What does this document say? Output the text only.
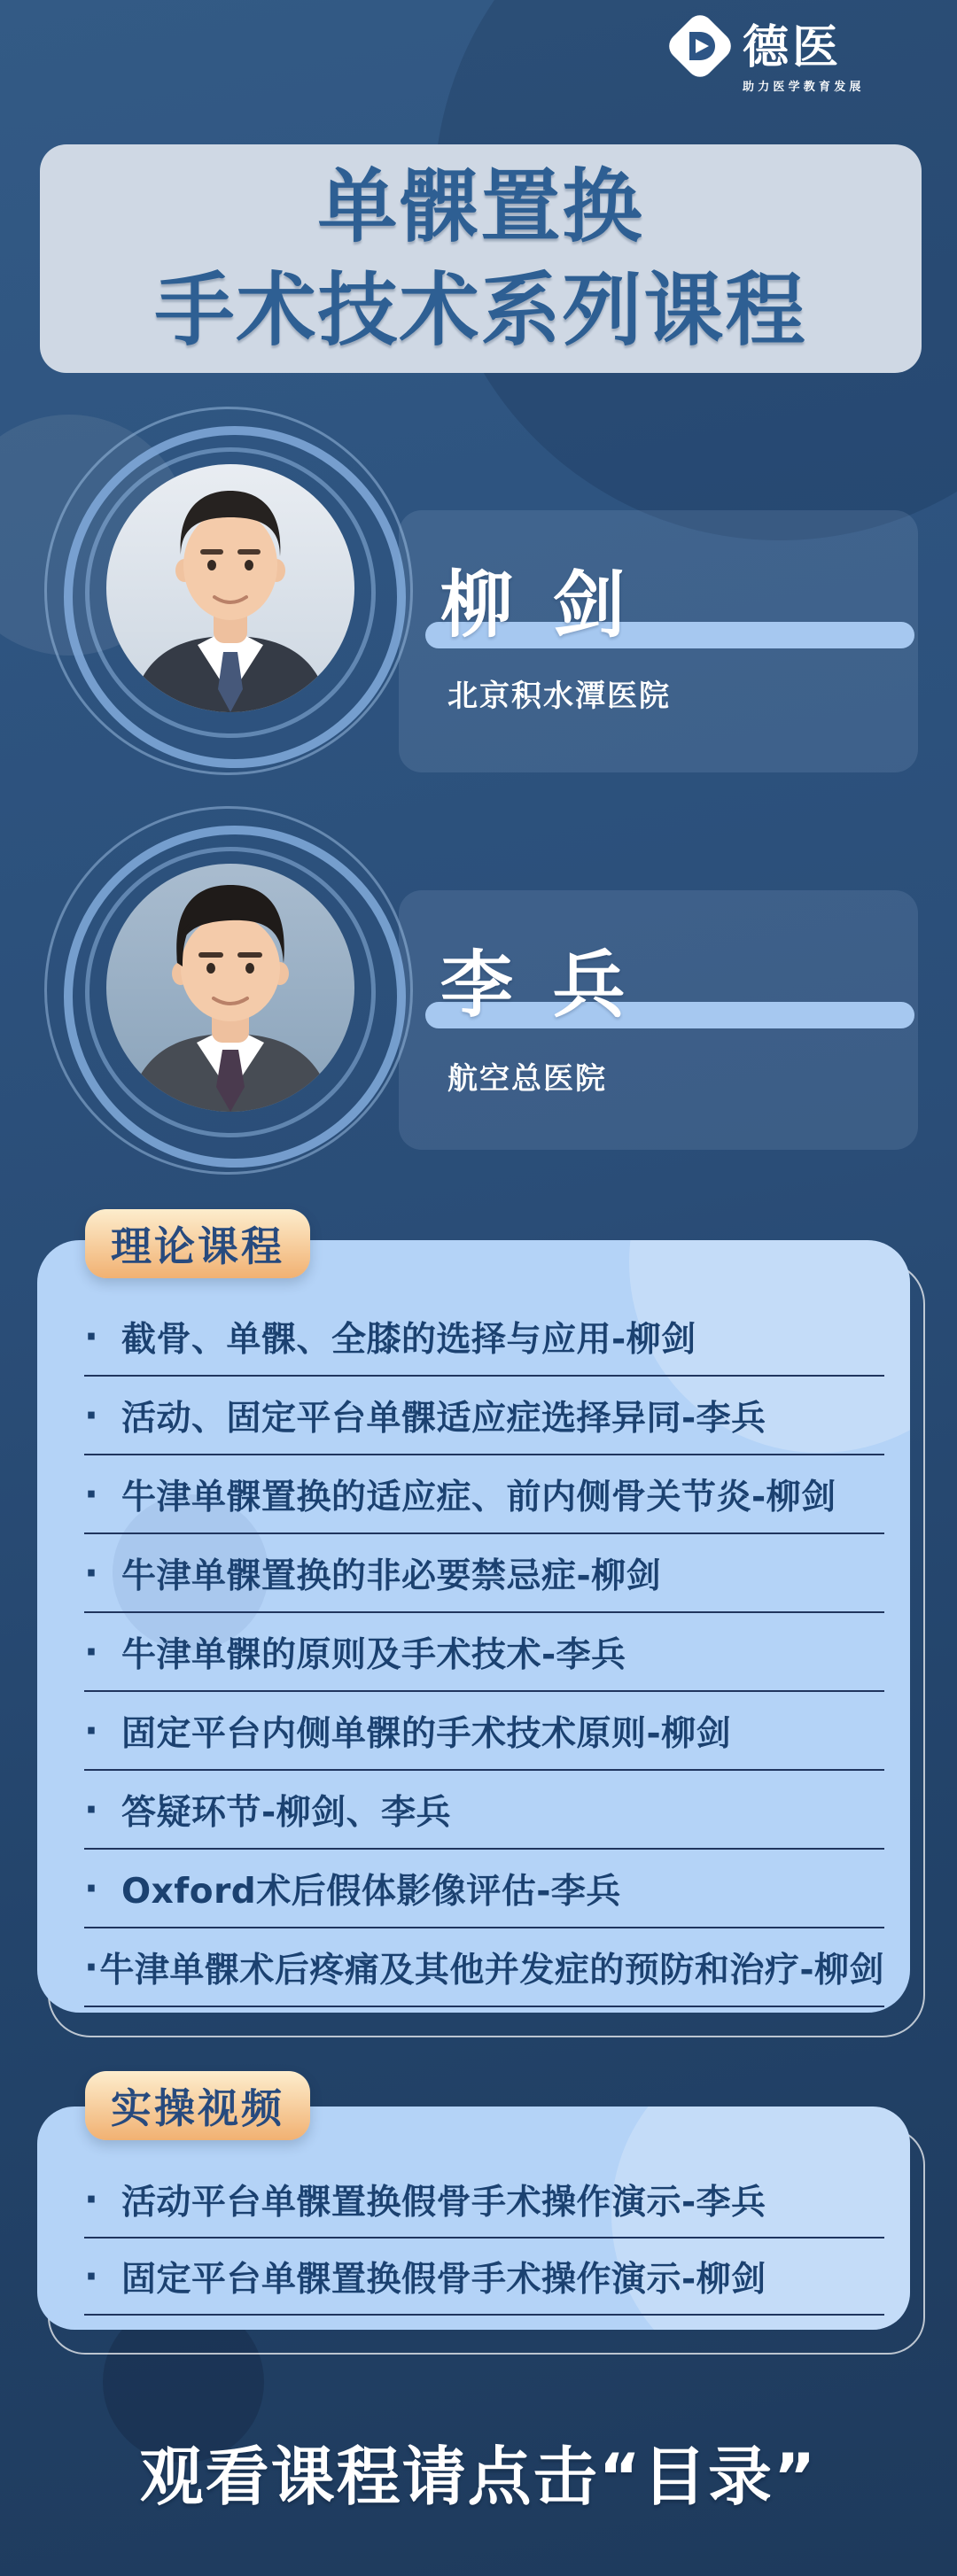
德医
助力医学教育发展
单髁置换
手术技术系列课程
柳 剑
北京积水潭医院
李 兵
航空总医院
· 截骨、单髁、全膝的选择与应用-柳剑
· 活动、固定平台单髁适应症选择异同-李兵
· 牛津单髁置换的适应症、前内侧骨关节炎-柳剑
· 牛津单髁置换的非必要禁忌症-柳剑
· 牛津单髁的原则及手术技术-李兵
· 固定平台内侧单髁的手术技术原则-柳剑
· 答疑环节-柳剑、李兵
· Oxford术后假体影像评估-李兵
· 牛津单髁术后疼痛及其他并发症的预防和治疗-柳剑
理论课程
· 活动平台单髁置换假骨手术操作演示-李兵
· 固定平台单髁置换假骨手术操作演示-柳剑
实操视频
观看课程请点击“目录”
